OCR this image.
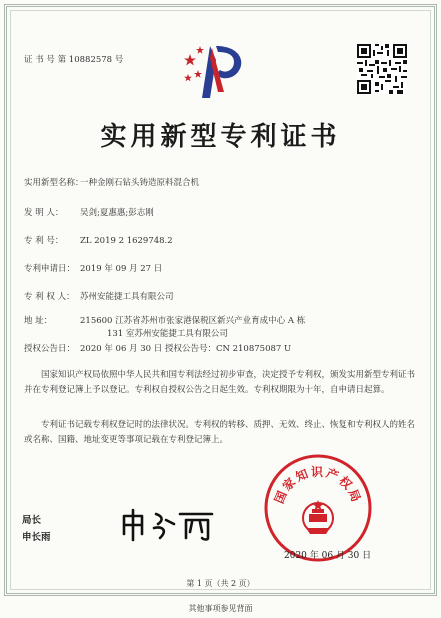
证 书 号 第 10882578 号
实用新型专利证书
实用新型名称：一种金刚石钻头铸造原料混合机
发 明 人： 吴剑;夏惠惠;彭志刚
专 利 号： ZL 2019 2 1629748.2
专利申请日： 2019 年 09 月 27 日
专 利 权 人： 苏州安能捷工具有限公司
地 址：	215600 江苏省苏州市张家港保税区新兴产业育成中心 A 栋
131 室苏州安能捷工具有限公司
授权公告日： 2020 年 06 月 30 日 授权公告号：CN 210875087 U
国家知识产权局依照中华人民共和国专利法经过初步审查，决定授予专利权，颁发实用新型专利证书并在专利登记簿上予以登记。专利权自授权公告之日起生效。专利权期限为十年，自申请日起算。
专利证书记载专利权登记时的法律状况。专利权的转移、质押、无效、终止、恢复和专利权人的姓名或名称、国籍、地址变更等事项记载在专利登记簿上。
局长
申长雨
国家知识产权局
2020 年 06 月 30 日
第 1 页（共 2 页）
其他事项参见背面
